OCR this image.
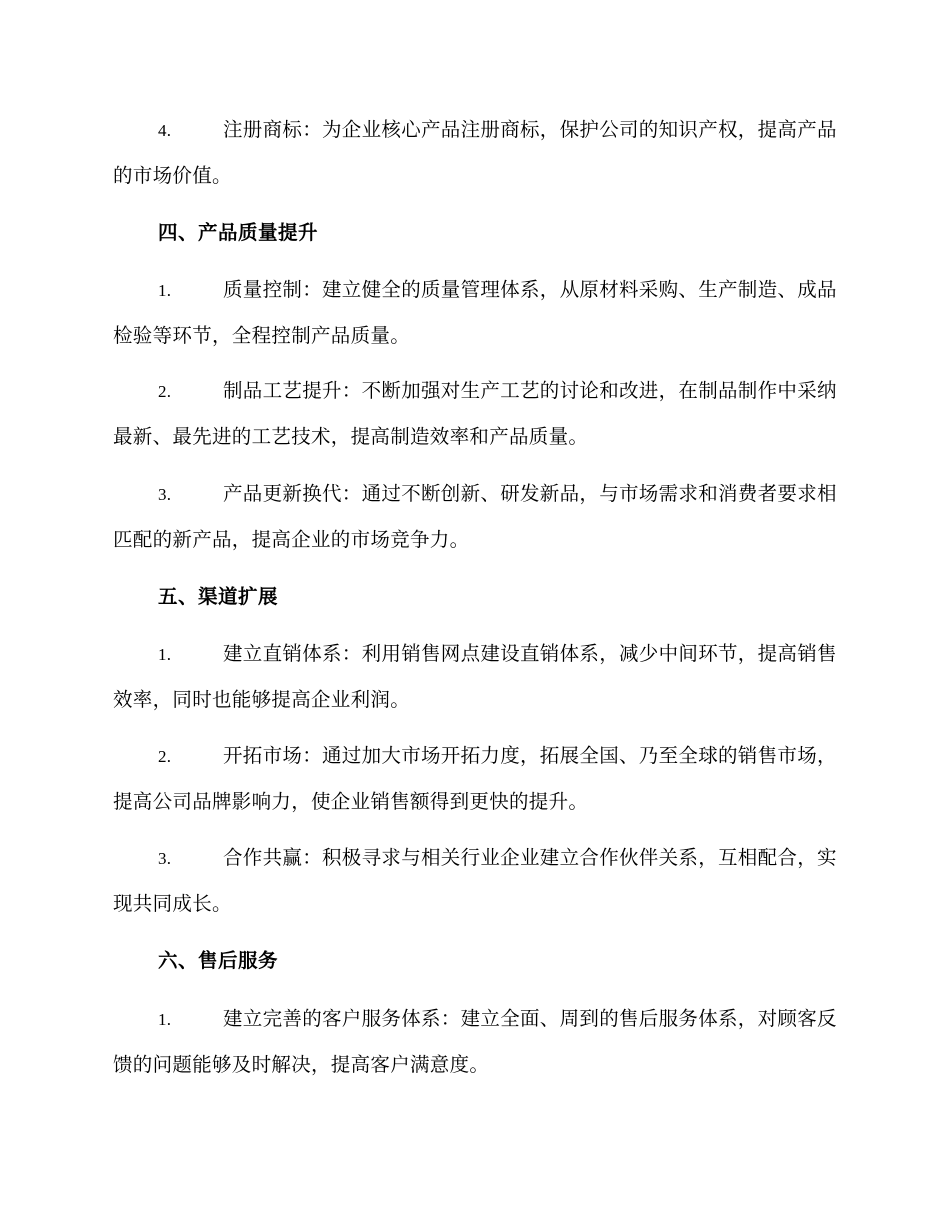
4.	注册商标：为企业核心产品注册商标，保护公司的知识产权，提高产品的市场价值。

四、产品质量提升

1.	质量控制：建立健全的质量管理体系，从原材料采购、生产制造、成品检验等环节，全程控制产品质量。

2.	制品工艺提升：不断加强对生产工艺的讨论和改进，在制品制作中采纳最新、最先进的工艺技术，提高制造效率和产品质量。

3.	产品更新换代：通过不断创新、研发新品，与市场需求和消费者要求相匹配的新产品，提高企业的市场竞争力。

五、渠道扩展

1.	建立直销体系：利用销售网点建设直销体系，减少中间环节，提高销售效率，同时也能够提高企业利润。

2.	开拓市场：通过加大市场开拓力度，拓展全国、乃至全球的销售市场，提高公司品牌影响力，使企业销售额得到更快的提升。

3.	合作共赢：积极寻求与相关行业企业建立合作伙伴关系，互相配合，实现共同成长。

六、售后服务

1.	建立完善的客户服务体系：建立全面、周到的售后服务体系，对顾客反馈的问题能够及时解决，提高客户满意度。
